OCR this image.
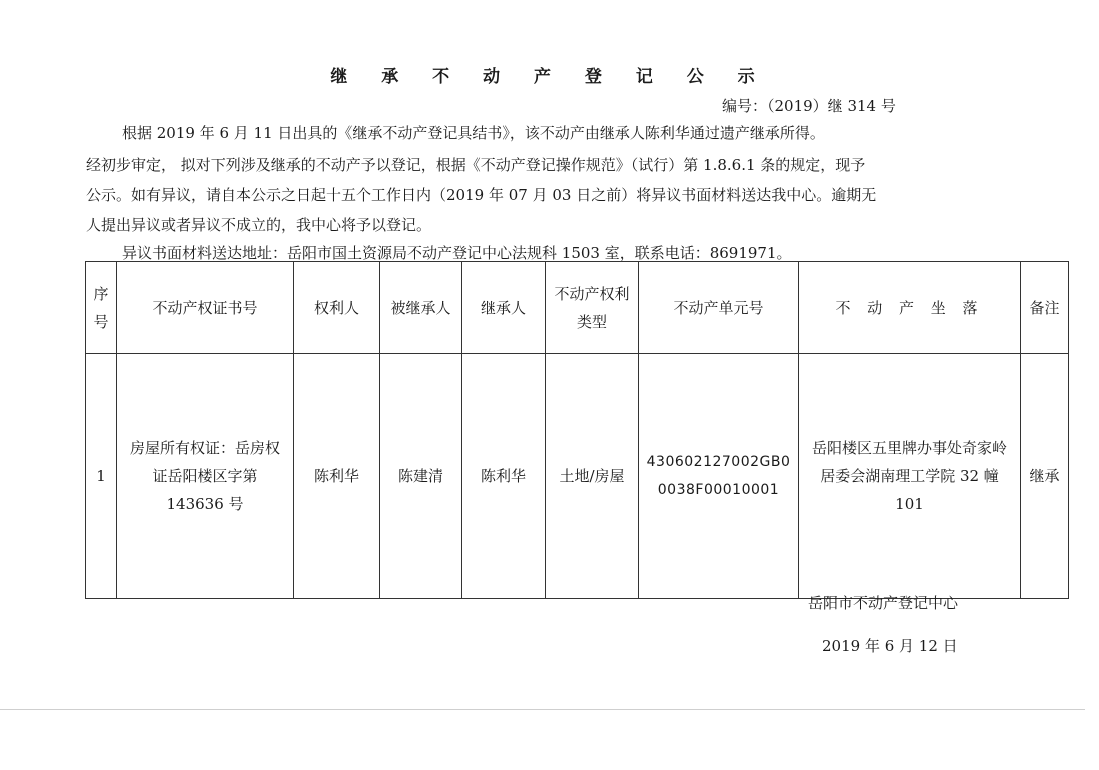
继 承 不 动 产 登 记 公 示
编号：（2019）继 314 号
根据 2019 年 6 月 11 日出具的《继承不动产登记具结书》，该不动产由继承人陈利华通过遗产继承所得。
经初步审定， 拟对下列涉及继承的不动产予以登记，根据《不动产登记操作规范》（试行）第 1.8.6.1 条的规定，现予
公示。如有异议，请自本公示之日起十五个工作日内（2019 年 07 月 03 日之前）将异议书面材料送达我中心。逾期无
人提出异议或者异议不成立的，我中心将予以登记。
异议书面材料送达地址：岳阳市国土资源局不动产登记中心法规科 1503 室，联系电话：8691971。
序号	不动产权证书号	权利人	被继承人	继承人	不动产权利类型	不动产单元号	不 动 产 坐 落	备注
1	房屋所有权证：岳房权证岳阳楼区字第 143636 号	陈利华	陈建清	陈利华	土地/房屋	430602127002GB00038F00010001	岳阳楼区五里牌办事处奇家岭居委会湖南理工学院 32 幢 101	继承
岳阳市不动产登记中心
2019 年 6 月 12 日
